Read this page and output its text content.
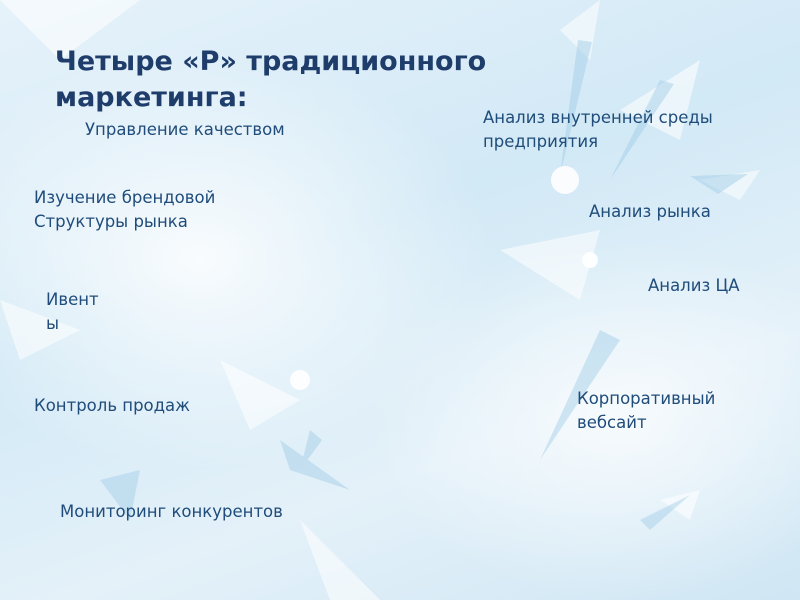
Четыре «Р» традиционного маркетинга:

Управление качеством

Изучение брендовой
Структуры рынка

Ивент
ы

Контроль продаж

Мониторинг конкурентов

Анализ внутренней среды
предприятия

Анализ рынка

Анализ ЦА

Корпоративный
вебсайт
